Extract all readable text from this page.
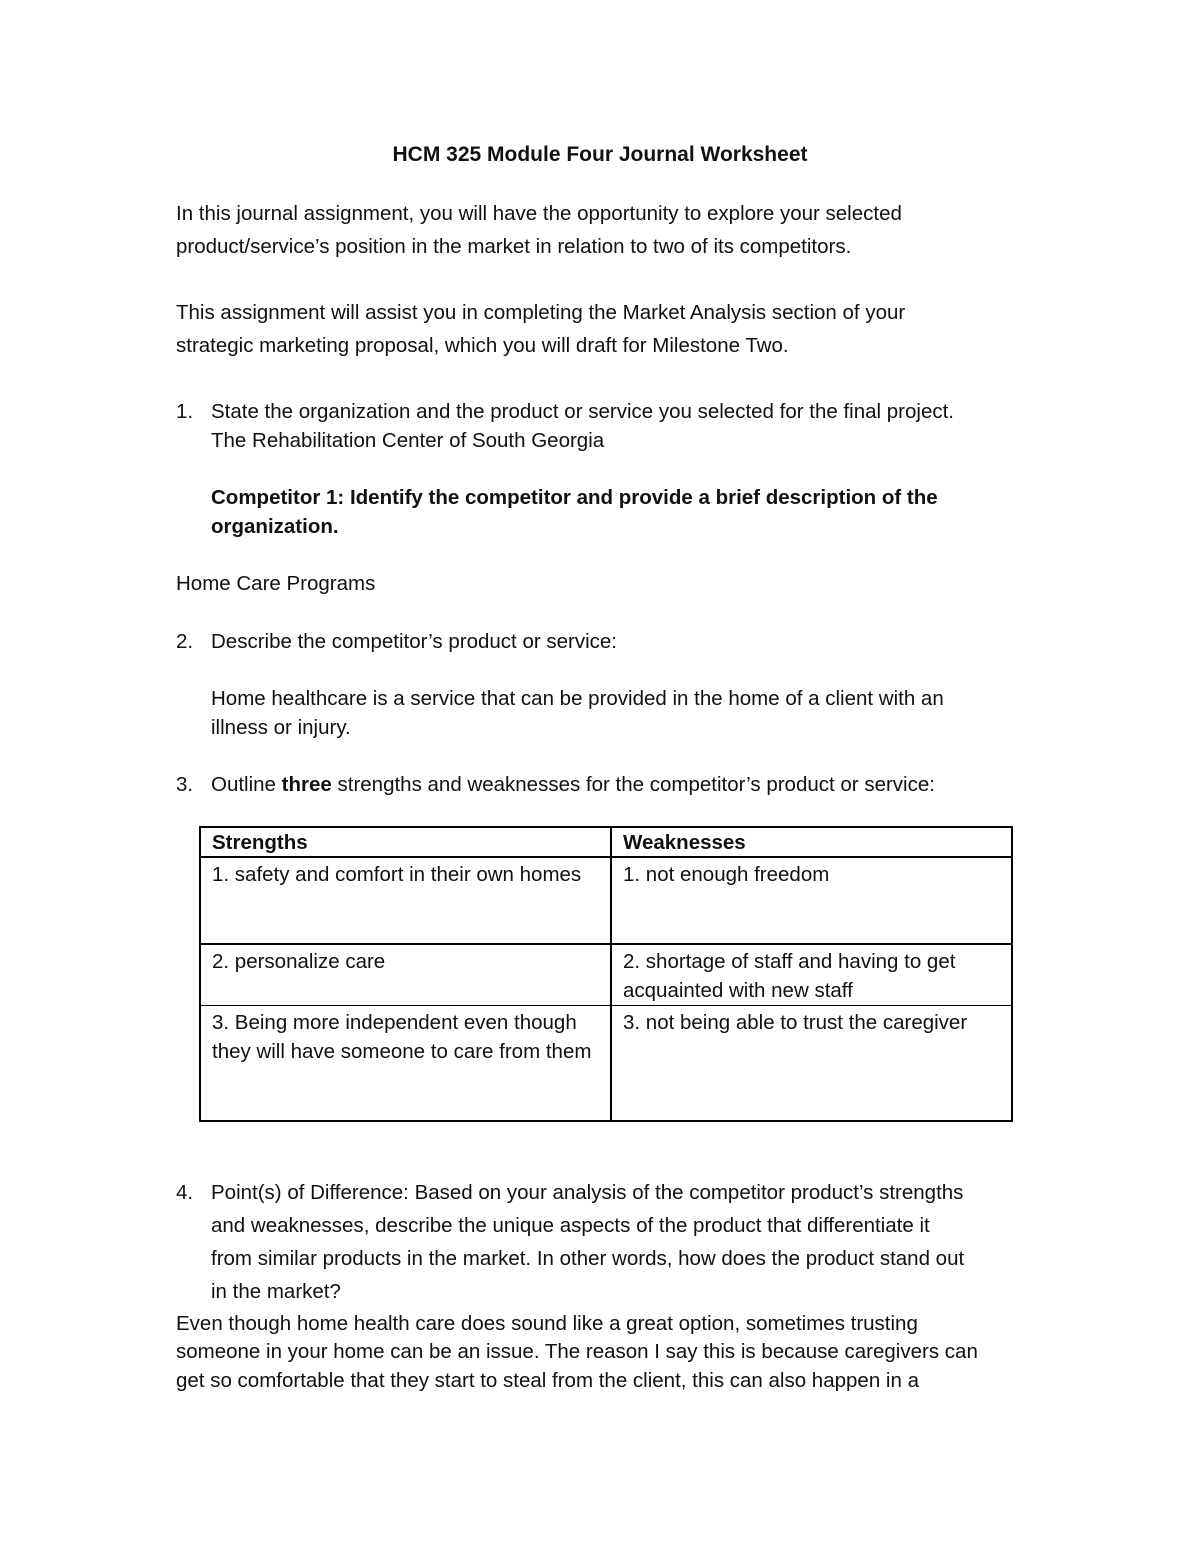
HCM 325 Module Four Journal Worksheet
In this journal assignment, you will have the opportunity to explore your selected
product/service’s position in the market in relation to two of its competitors.
This assignment will assist you in completing the Market Analysis section of your
strategic marketing proposal, which you will draft for Milestone Two.
1. State the organization and the product or service you selected for the final project.
The Rehabilitation Center of South Georgia
Competitor 1: Identify the competitor and provide a brief description of the
organization.
Home Care Programs
2. Describe the competitor’s product or service:
Home healthcare is a service that can be provided in the home of a client with an
illness or injury.
3. Outline three strengths and weaknesses for the competitor’s product or service:
Strengths	Weaknesses
1. safety and comfort in their own homes	1. not enough freedom
2. personalize care	2. shortage of staff and having to get acquainted with new staff
3. Being more independent even though they will have someone to care from them	3. not being able to trust the caregiver
4. Point(s) of Difference: Based on your analysis of the competitor product’s strengths
and weaknesses, describe the unique aspects of the product that differentiate it
from similar products in the market. In other words, how does the product stand out
in the market?
Even though home health care does sound like a great option, sometimes trusting
someone in your home can be an issue. The reason I say this is because caregivers can
get so comfortable that they start to steal from the client, this can also happen in a
